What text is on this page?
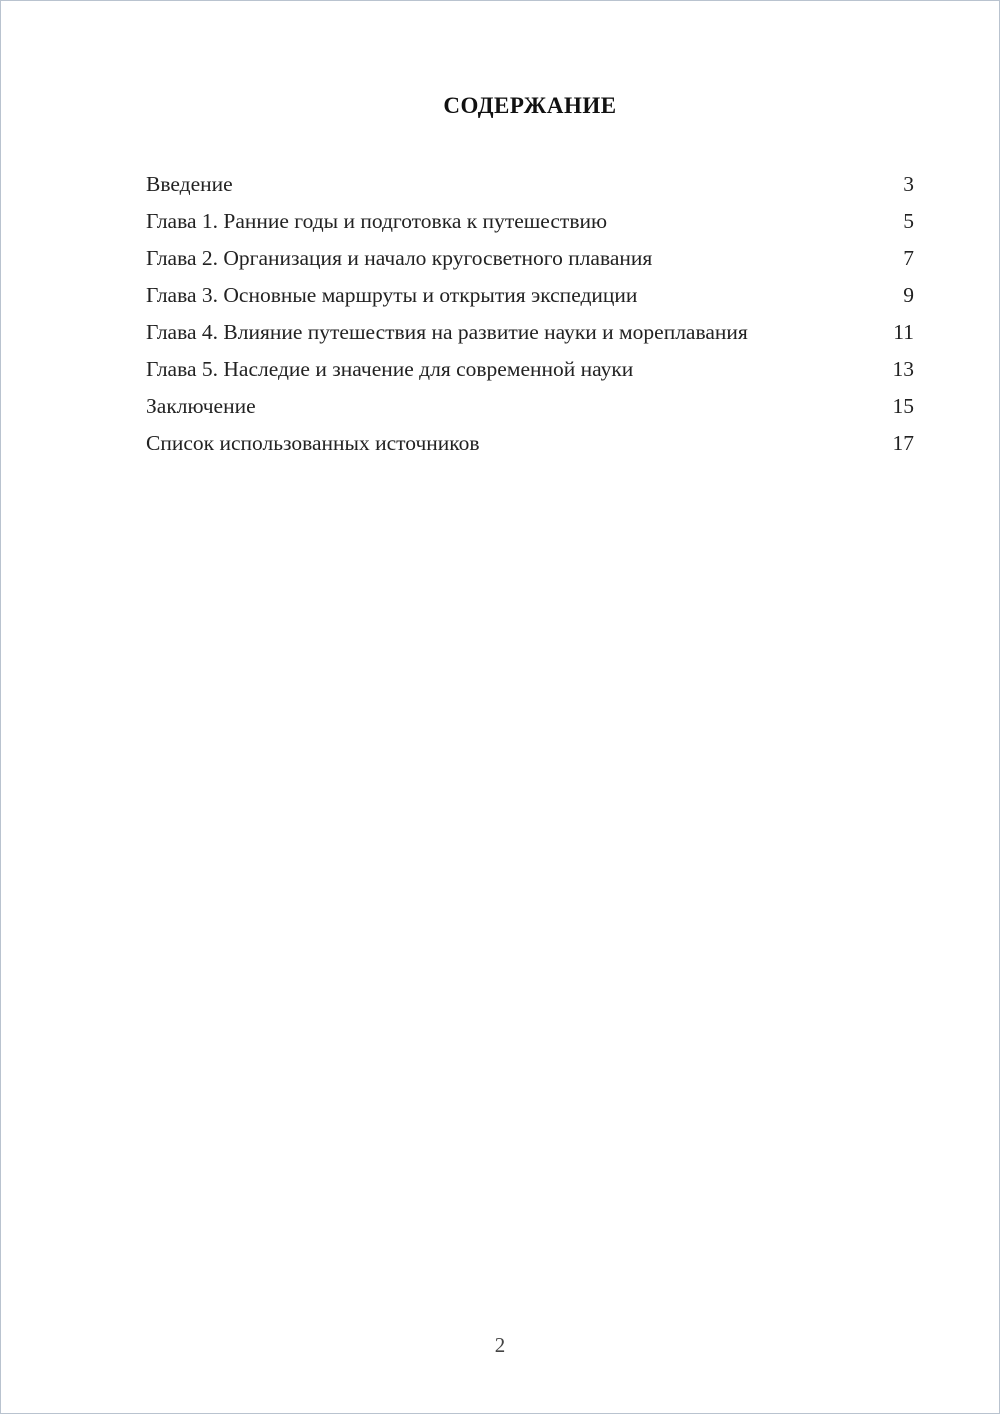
СОДЕРЖАНИЕ
Введение	3
Глава 1. Ранние годы и подготовка к путешествию	5
Глава 2. Организация и начало кругосветного плавания	7
Глава 3. Основные маршруты и открытия экспедиции	9
Глава 4. Влияние путешествия на развитие науки и мореплавания	11
Глава 5. Наследие и значение для современной науки	13
Заключение	15
Список использованных источников	17
2
